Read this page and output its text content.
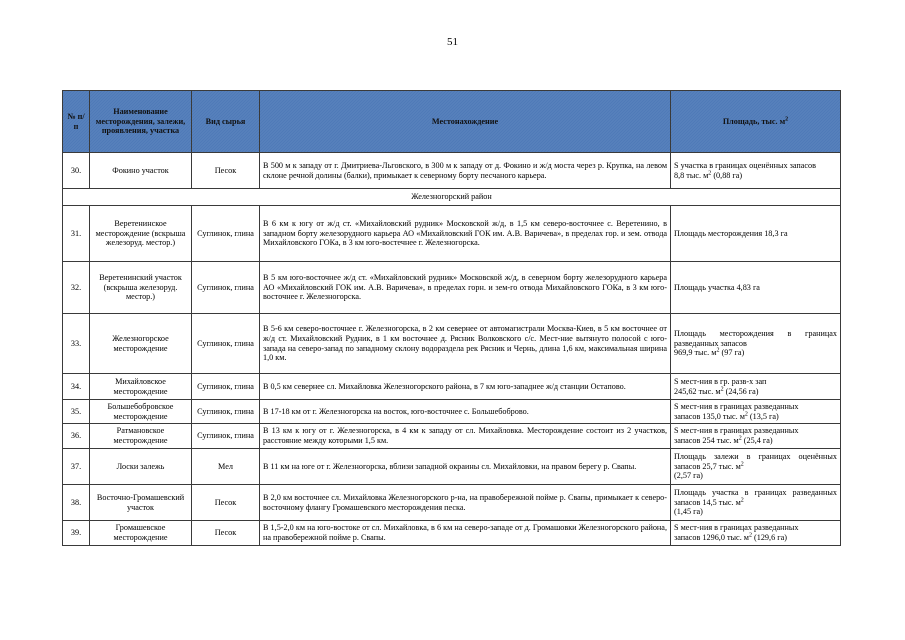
51
№ п/п	Наименование месторождения, залежи, проявления, участка	Вид сырья	Местонахождение	Площадь, тыс. $м^2$
30.	Фокино участок	Песок	В 500 м к западу от г. Дмитриева-Льговского, в 300 м к западу от д. Фокино и ж/д моста через р. Крупка, на левом склоне речной долины (балки), примыкает к северному борту песчаного карьера.	S участка в границах оценённых запасов
8,8 тыс. $м^2$ (0,88 га)
Железногорский район				
31.	Веретенинское месторождение (вскрыша железоруд. местор.)	Суглинок, глина	В 6 км к югу от ж/д ст. «Михайловский рудник» Московской ж/д, в 1,5 км северо-восточнее с. Веретенино, в западном борту железорудного карьера АО «Михайловский ГОК им. А.В. Варичева», в пределах гор. и зем. отвода Михайловского ГОКа, в 3 км юго-востечнее г. Железногорска.	Площадь месторождения 18,3 га
32.	Веретенинский участок (вскрыша железоруд. местор.)	Суглинок, глина	В 5 км юго-восточнее ж/д ст. «Михайловский рудник» Московской ж/д, в северном борту железорудного карьера АО «Михайловский ГОК им. А.В. Варичева», в пределах горн. и зем-го отвода Михайловского ГОКа, в 3 км юго-восточнее г. Железногорска.	Площадь участка 4,83 га
33.	Железногорское месторождение	Суглинок, глина	В 5-6 км северо-восточнее г. Железногорска, в 2 км севернее от автомагистрали Москва-Киев, в 5 км восточнее от ж/д ст. Михайловский Рудник, в 1 км восточнее д. Рясник Волковского с/с. Мест-ние вытянуто полосой с юго-запада на северо-запад по западному склону водораздела рек Рясник и Чернь, длина 1,6 км, максимальная ширина 1,0 км.	Площадь месторождения в границах разведанных запасов
969,9 тыс. $м^2$ (97 га)
34.	Михайловское месторождение	Суглинок, глина	В 0,5 км севернее сл. Михайловка Железногорского района, в 7 км юго-западнее ж/д станции Остапово.	S мест-ния в гр. разв-х зап
245,62 тыс. $м^2$ (24,56 га)
35.	Большебобровское месторождение	Суглинок, глина	В 17-18 км от г. Железногорска на восток, юго-восточнее с. Большебоброво.	S мест-ния в границах разведанных
запасов 135,0 тыс. $м^2$ (13,5 га)
36.	Ратмановское месторождение	Суглинок, глина	В 13 км к югу от г. Железногорска, в 4 км к западу от сл. Михайловка. Месторождение состоит из 2 участков, расстояние между которыми 1,5 км.	S мест-ния в границах разведанных
запасов 254 тыс. $м^2$ (25,4 га)
37.	Лоски залежь	Мел	В 11 км на юге от г. Железногорска, вблизи западной окраины сл. Михайловки, на правом берегу р. Свапы.	Площадь залежи в границах оценённых запасов 25,7 тыс. $м^2$
(2,57 га)
38.	Восточно-Громашевский участок	Песок	В 2,0 км восточнее сл. Михайловка Железногорского р-на, на правобережной пойме р. Свапы, примыкает к северо-восточному флангу Громашевского месторождения песка.	Площадь участка в границах разведанных запасов 14,5 тыс. $м^2$
(1,45 га)
39.	Громашевское месторождение	Песок	В 1,5-2,0 км на юго-востоке от сл. Михайловка, в 6 км на северо-западе от д. Громашовки Железногорского района, на правобережной пойме р. Свапы.	S мест-ния в границах разведанных
запасов 1296,0 тыс. $м^2$ (129,6 га)
